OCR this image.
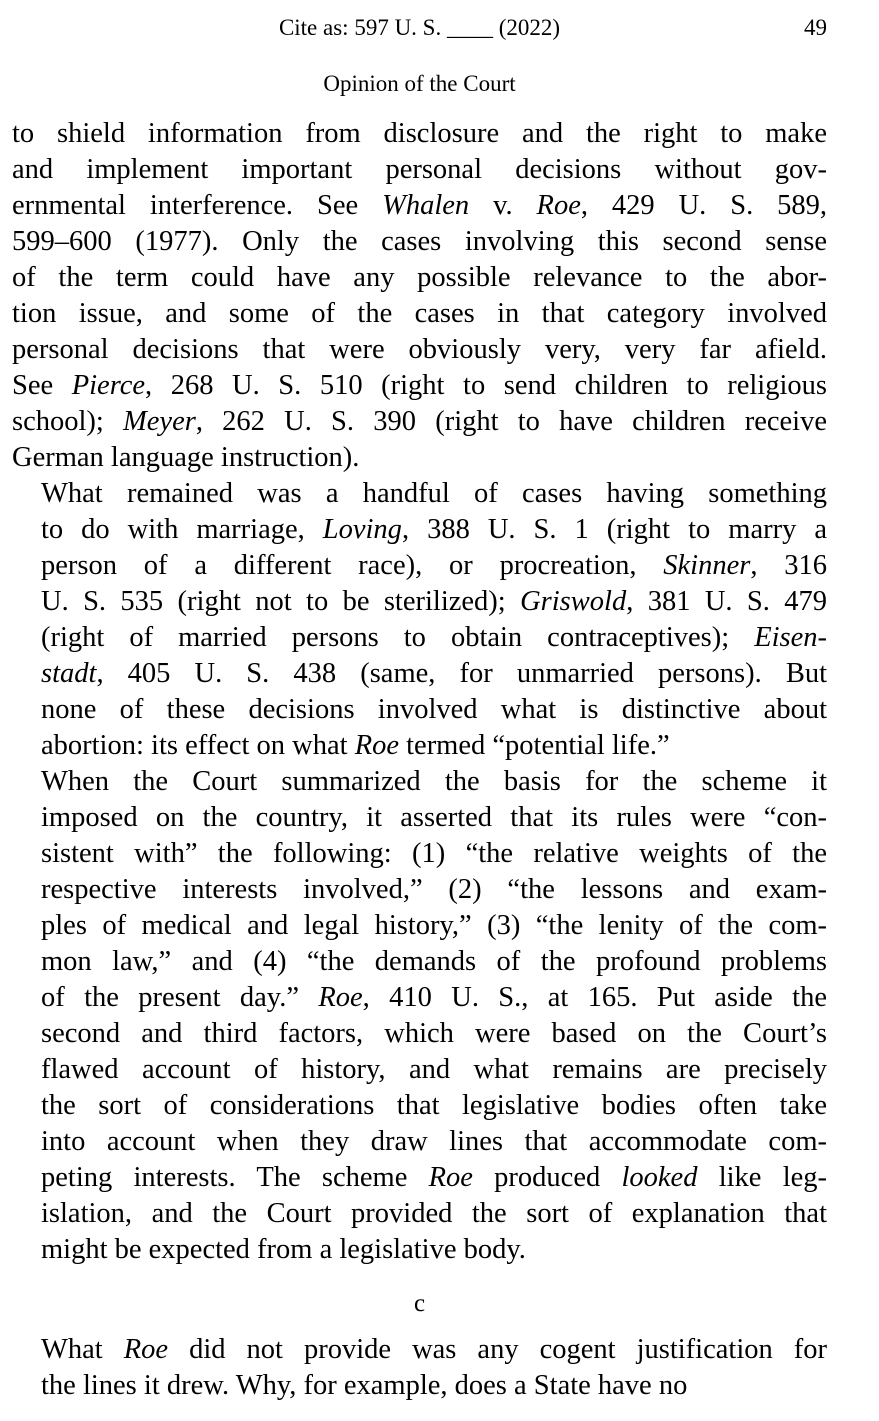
Cite as: 597 U. S. ____ (2022)	49
Opinion of the Court

to shield information from disclosure and the right to make
and implement important personal decisions without gov-
ernmental interference. See Whalen v. Roe, 429 U. S. 589,
599–600 (1977). Only the cases involving this second sense
of the term could have any possible relevance to the abor-
tion issue, and some of the cases in that category involved
personal decisions that were obviously very, very far afield.
See Pierce, 268 U. S. 510 (right to send children to religious
school); Meyer, 262 U. S. 390 (right to have children receive
German language instruction).

What remained was a handful of cases having something
to do with marriage, Loving, 388 U. S. 1 (right to marry a
person of a different race), or procreation, Skinner, 316
U. S. 535 (right not to be sterilized); Griswold, 381 U. S. 479
(right of married persons to obtain contraceptives); Eisen-
stadt, 405 U. S. 438 (same, for unmarried persons). But
none of these decisions involved what is distinctive about
abortion: its effect on what Roe termed “potential life.”

When the Court summarized the basis for the scheme it
imposed on the country, it asserted that its rules were “con-
sistent with” the following: (1) “the relative weights of the
respective interests involved,” (2) “the lessons and exam-
ples of medical and legal history,” (3) “the lenity of the com-
mon law,” and (4) “the demands of the profound problems
of the present day.” Roe, 410 U. S., at 165. Put aside the
second and third factors, which were based on the Court’s
flawed account of history, and what remains are precisely
the sort of considerations that legislative bodies often take
into account when they draw lines that accommodate com-
peting interests. The scheme Roe produced looked like leg-
islation, and the Court provided the sort of explanation that
might be expected from a legislative body.

c

What Roe did not provide was any cogent justification for
the lines it drew. Why, for example, does a State have no
